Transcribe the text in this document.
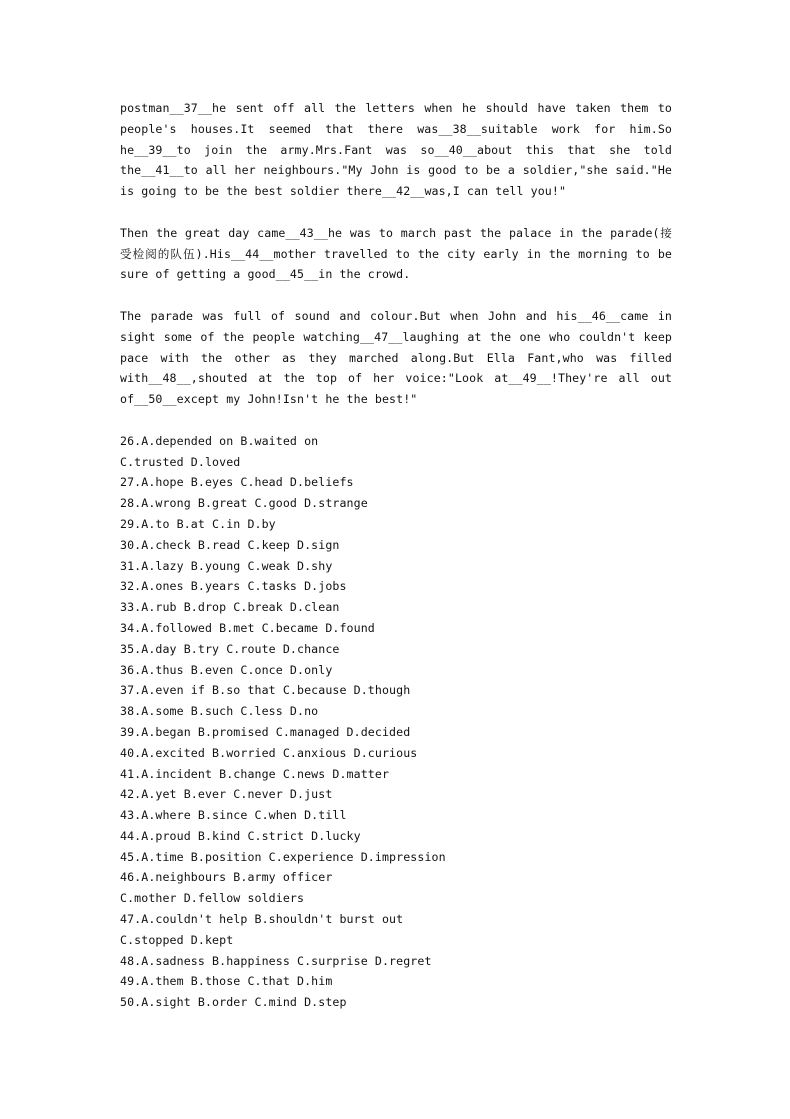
postman__37__he sent off all the letters when he should have taken them to people's houses.It seemed that there was__38__suitable work for him.So he__39__to join the army.Mrs.Fant was so__40__about this that she told the__41__to all her neighbours."My John is good to be a soldier,"she said."He is going to be the best soldier there__42__was,I can tell you!"

Then the great day came__43__he was to march past the palace in the parade(接受检阅的队伍).His__44__mother travelled to the city early in the morning to be sure of getting a good__45__in the crowd.

The parade was full of sound and colour.But when John and his__46__came in sight some of the people watching__47__laughing at the one who couldn't keep pace with the other as they marched along.But Ella Fant,who was filled with__48__,shouted at the top of her voice:"Look at__49__!They're all out of__50__except my John!Isn't he the best!"

26.A.depended on B.waited on
C.trusted D.loved
27.A.hope B.eyes C.head D.beliefs
28.A.wrong B.great C.good D.strange
29.A.to B.at C.in D.by
30.A.check B.read C.keep D.sign
31.A.lazy B.young C.weak D.shy
32.A.ones B.years C.tasks D.jobs
33.A.rub B.drop C.break D.clean
34.A.followed B.met C.became D.found
35.A.day B.try C.route D.chance
36.A.thus B.even C.once D.only
37.A.even if B.so that C.because D.though
38.A.some B.such C.less D.no
39.A.began B.promised C.managed D.decided
40.A.excited B.worried C.anxious D.curious
41.A.incident B.change C.news D.matter
42.A.yet B.ever C.never D.just
43.A.where B.since C.when D.till
44.A.proud B.kind C.strict D.lucky
45.A.time B.position C.experience D.impression
46.A.neighbours B.army officer
C.mother D.fellow soldiers
47.A.couldn't help B.shouldn't burst out
C.stopped D.kept
48.A.sadness B.happiness C.surprise D.regret
49.A.them B.those C.that D.him
50.A.sight B.order C.mind D.step
